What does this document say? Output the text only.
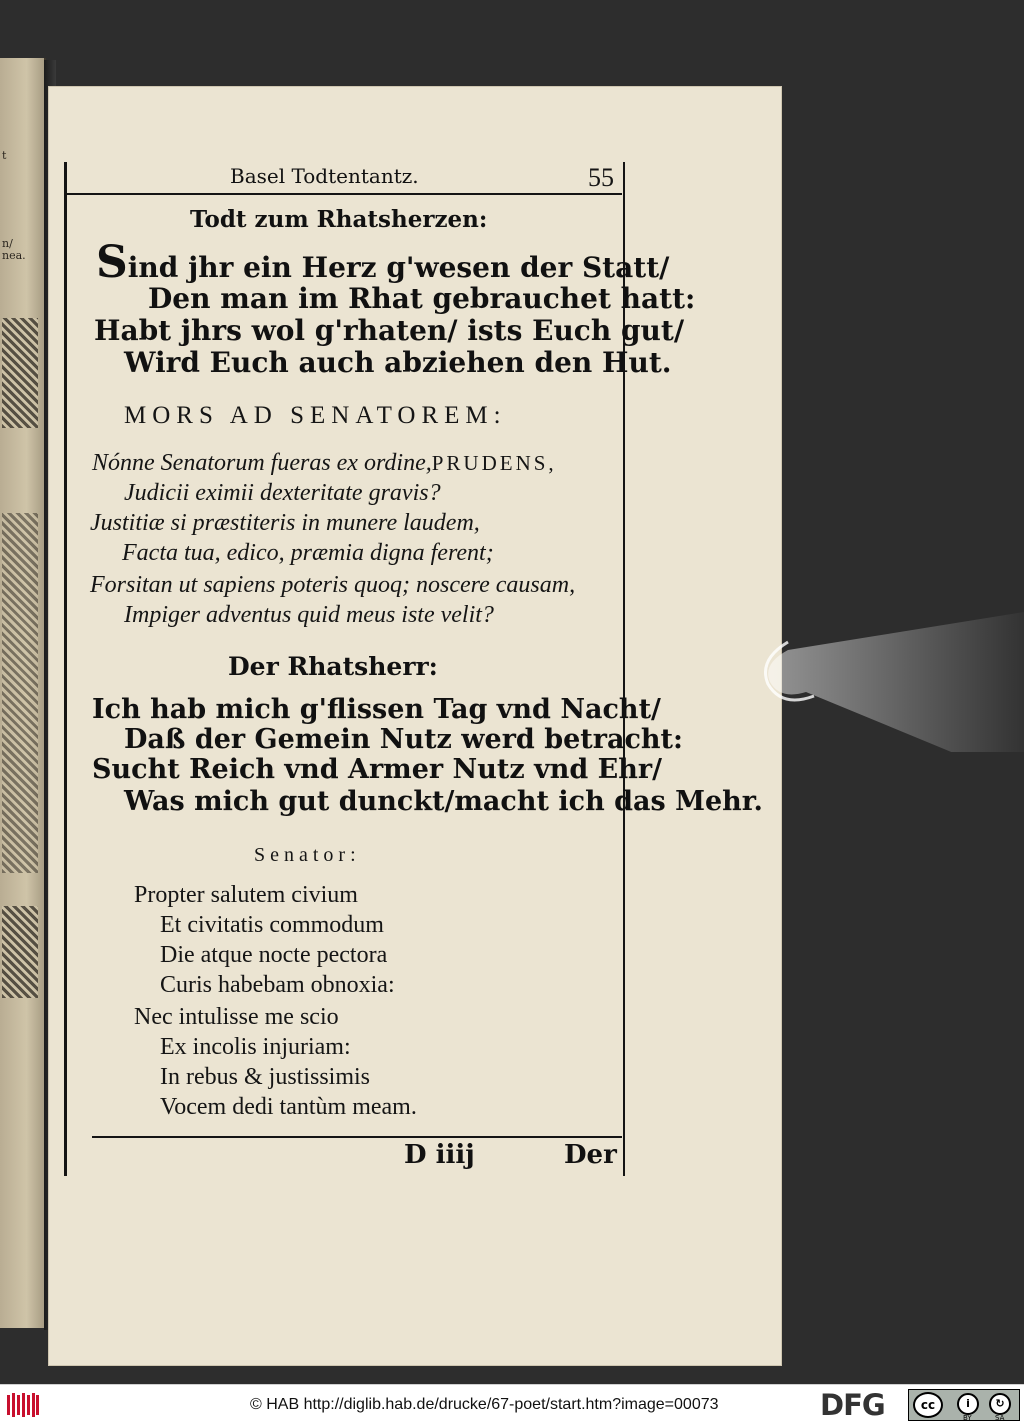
t
n/
nea.
Basel Todtentantz.	55
Todt zum Rhatsherzen:
Sind jhr ein Herz g'wesen der Statt/
Den man im Rhat gebrauchet hatt:
Habt jhrs wol g'rhaten/ ists Euch gut/
Wird Euch auch abziehen den Hut.
MORS AD SENATOREM:
Nónne Senatorum fueras ex ordine,PRUDENS,
Judicii eximii dexteritate gravis?
Justitiæ si præstiteris in munere laudem,
Facta tua, edico, præmia digna ferent;
Forsitan ut sapiens poteris quoq; noscere causam,
Impiger adventus quid meus iste velit?
Der Rhatsherr:
Ich hab mich g'flissen Tag vnd Nacht/
Daß der Gemein Nutz werd betracht:
Sucht Reich vnd Armer Nutz vnd Ehr/
Was mich gut dunckt/macht ich das Mehr.
Senator:
Propter salutem civium
Et civitatis commodum
Die atque nocte pectora
Curis habebam obnoxia:
Nec intulisse me scio
Ex incolis injuriam:
In rebus & justissimis
Vocem dedi tantùm meam.
D iiij	Der
© HAB http://diglib.hab.de/drucke/67-poet/start.htm?image=00073	DFG	cc	i	↻
BY	SA
